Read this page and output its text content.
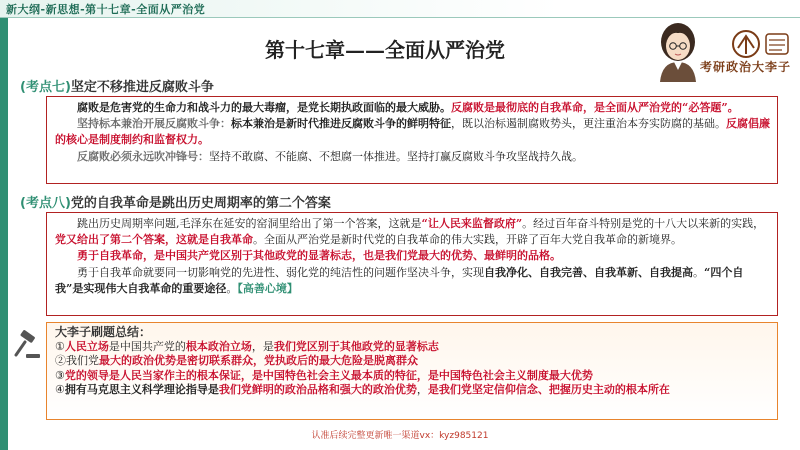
新大纲-新思想-第十七章-全面从严治党
第十七章——全面从严治党
考研政治大李子
(考点七)坚定不移推进反腐败斗争

腐败是危害党的生命力和战斗力的最大毒瘤，是党长期执政面临的最大威胁。反腐败是最彻底的自我革命，是全面从严治党的“必答题”。

坚持标本兼治开展反腐败斗争：标本兼治是新时代推进反腐败斗争的鲜明特征，既以治标遏制腐败势头，更注重治本夯实防腐的基础。反腐倡廉的核心是制度制约和监督权力。

反腐败必须永远吹冲锋号：坚持不敢腐、不能腐、不想腐一体推进。坚持打赢反腐败斗争攻坚战持久战。

(考点八)党的自我革命是跳出历史周期率的第二个答案

跳出历史周期率问题,毛泽东在延安的窑洞里给出了第一个答案，这就是“让人民来监督政府”。经过百年奋斗特别是党的十八大以来新的实践，党又给出了第二个答案，这就是自我革命。全面从严治党是新时代党的自我革命的伟大实践，开辟了百年大党自我革命的新境界。

勇于自我革命，是中国共产党区别于其他政党的显著标志，也是我们党最大的优势、最鲜明的品格。

勇于自我革命就要同一切影响党的先进性、弱化党的纯洁性的问题作坚决斗争，实现自我净化、自我完善、自我革新、自我提高。“四个自我”是实现伟大自我革命的重要途径。【高善心境】

大李子刷题总结：

①人民立场是中国共产党的根本政治立场，是我们党区别于其他政党的显著标志

②我们党最大的政治优势是密切联系群众，党执政后的最大危险是脱离群众

③党的领导是人民当家作主的根本保证，是中国特色社会主义最本质的特征，是中国特色社会主义制度最大优势

④拥有马克思主义科学理论指导是我们党鲜明的政治品格和强大的政治优势，是我们党坚定信仰信念、把握历史主动的根本所在

认准后续完整更新唯一渠道vx：kyz985121
